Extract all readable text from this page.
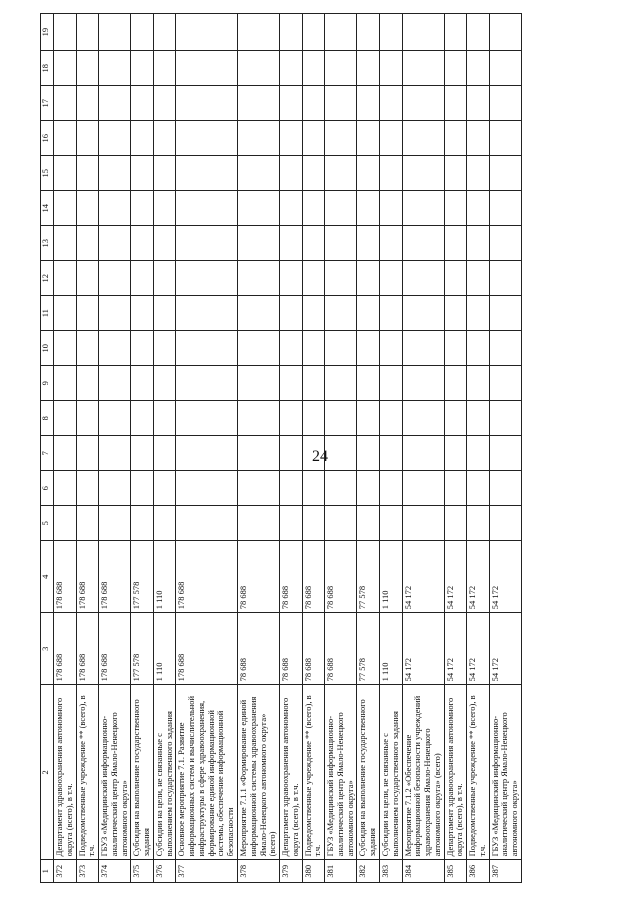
24
1	2	3	4	5	6	7	8	9	10	11	12	13	14	15	16	17	18	19
372	Департамент здравоохранения автономного округа (всего), в т.ч.	178 688	178 688															
373	Подведомственные учреждение ** (всего), в т.ч.	178 688	178 688															
374	ГБУЗ «Медицинский информационно-аналитический центр Ямало-Ненецкого автономного округа»	178 688	178 688															
375	Субсидия на выполнение государственного задания	177 578	177 578															
376	Субсидии на цели, не связанные с выполнением государственного задания	1 110	1 110															
377	Основное мероприятие 7.1. Развитие информационных систем и вычислительной инфраструктуры в сфере здравоохранения, формирование единой информационной системы, обеспечение информационной безопасности	178 688	178 688															
378	Мероприятие 7.1.1 «Формирование единой информационной системы здравоохранения Ямало-Ненецкого автономного округа» (всего)	78 688	78 688															
379	Департамент здравоохранения автономного округа (всего), в т.ч.	78 688	78 688															
380	Подведомственные учреждение ** (всего), в т.ч.	78 688	78 688															
381	ГБУЗ «Медицинский информационно-аналитический центр Ямало-Ненецкого автономного округа»	78 688	78 688															
382	Субсидия на выполнение государственного задания	77 578	77 578															
383	Субсидии на цели, не связанные с выполнением государственного задания	1 110	1 110															
384	Мероприятие 7.1.2 «Обеспечение информационной безопасности учреждений здравоохранения Ямало-Ненецкого автономного округа» (всего)	54 172	54 172															
385	Департамент здравоохранения автономного округа (всего), в т.ч.	54 172	54 172															
386	Подведомственные учреждение ** (всего), в т.ч.	54 172	54 172															
387	ГБУЗ «Медицинский информационно-аналитический центр Ямало-Ненецкого автономного округа»	54 172	54 172															
